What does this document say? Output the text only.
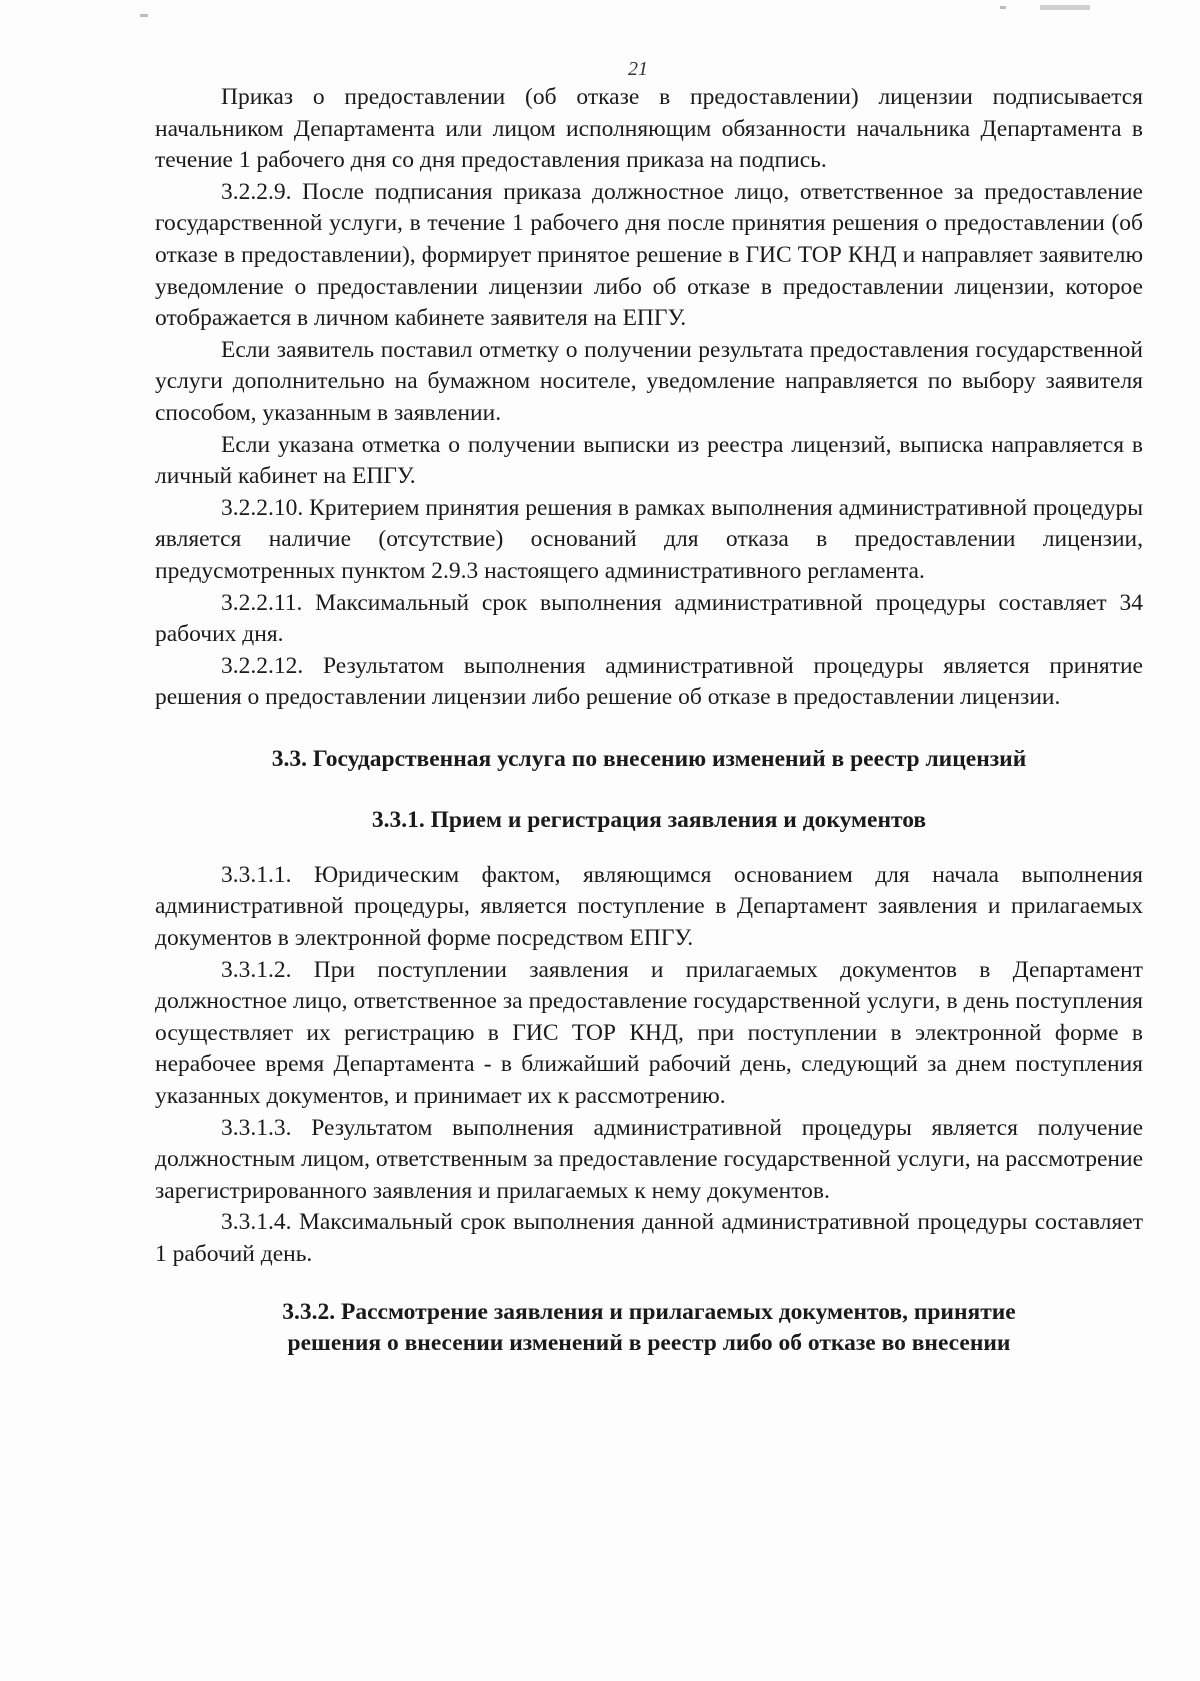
21

Приказ о предоставлении (об отказе в предоставлении) лицензии подписывается начальником Департамента или лицом исполняющим обязанности начальника Департамента в течение 1 рабочего дня со дня предоставления приказа на подпись.

3.2.2.9. После подписания приказа должностное лицо, ответственное за предоставление государственной услуги, в течение 1 рабочего дня после принятия решения о предоставлении (об отказе в предоставлении), формирует принятое решение в ГИС ТОР КНД и направляет заявителю уведомление о предоставлении лицензии либо об отказе в предоставлении лицензии, которое отображается в личном кабинете заявителя на ЕПГУ.

Если заявитель поставил отметку о получении результата предоставления государственной услуги дополнительно на бумажном носителе, уведомление направляется по выбору заявителя способом, указанным в заявлении.

Если указана отметка о получении выписки из реестра лицензий, выписка направляется в личный кабинет на ЕПГУ.

3.2.2.10. Критерием принятия решения в рамках выполнения административной процедуры является наличие (отсутствие) оснований для отказа в предоставлении лицензии, предусмотренных пунктом 2.9.3 настоящего административного регламента.

3.2.2.11. Максимальный срок выполнения административной процедуры составляет 34 рабочих дня.

3.2.2.12. Результатом выполнения административной процедуры является принятие решения о предоставлении лицензии либо решение об отказе в предоставлении лицензии.

3.3. Государственная услуга по внесению изменений в реестр лицензий

3.3.1. Прием и регистрация заявления и документов

3.3.1.1. Юридическим фактом, являющимся основанием для начала выполнения административной процедуры, является поступление в Департамент заявления и прилагаемых документов в электронной форме посредством ЕПГУ.

3.3.1.2. При поступлении заявления и прилагаемых документов в Департамент должностное лицо, ответственное за предоставление государственной услуги, в день поступления осуществляет их регистрацию в ГИС ТОР КНД, при поступлении в электронной форме в нерабочее время Департамента - в ближайший рабочий день, следующий за днем поступления указанных документов, и принимает их к рассмотрению.

3.3.1.3. Результатом выполнения административной процедуры является получение должностным лицом, ответственным за предоставление государственной услуги, на рассмотрение зарегистрированного заявления и прилагаемых к нему документов.

3.3.1.4. Максимальный срок выполнения данной административной процедуры составляет 1 рабочий день.

3.3.2. Рассмотрение заявления и прилагаемых документов, принятие

решения о внесении изменений в реестр либо об отказе во внесении
